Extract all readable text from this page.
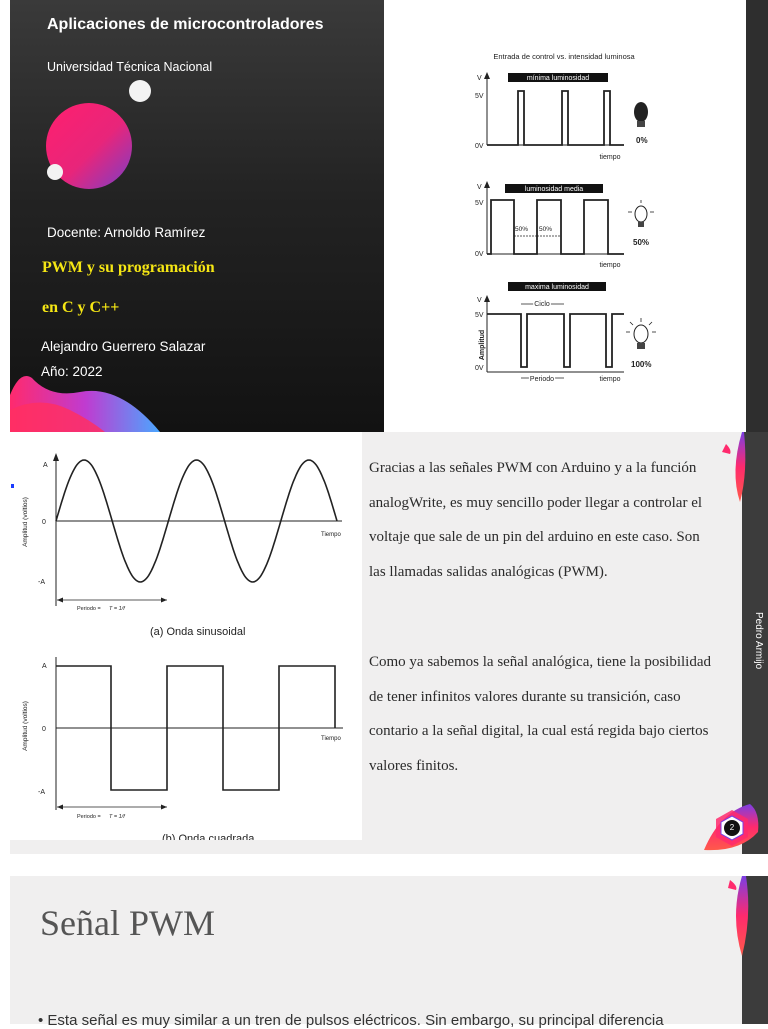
Aplicaciones de microcontroladores
Universidad Técnica Nacional
Docente: Arnoldo Ramírez
PWM y su programación
en C y C++
Alejandro Guerrero Salazar
Año: 2022
Entrada de control vs. intensidad luminosa
V
5V
0V
mínima luminosidad
tiempo
0%
V
5V
0V
luminosidad media
50% 50%
tiempo
50%
V
5V
0V
Amplitud
maxima luminosidad
Ciclo
Periodo	tiempo
100%
Amplitud (voltios)
A
0
-A
Tiempo
Periodo = T = 1/f
(a) Onda sinusoidal
Amplitud (voltios)
A
0
-A
Tiempo
Periodo = T = 1/f
(b) Onda cuadrada

Gracias a las señales PWM con Arduino y a la función analogWrite, es muy sencillo poder llegar a controlar el voltaje que sale de un pin del arduino en este caso. Son las llamadas salidas analógicas (PWM).

Como ya sabemos la señal analógica, tiene la posibilidad de tener infinitos valores durante su transición, caso contario a la señal digital, la cual está regida bajo ciertos valores finitos.

Pedro Armijo
2
Señal PWM
• Esta señal es muy similar a un tren de pulsos eléctricos. Sin embargo, su principal diferencia
